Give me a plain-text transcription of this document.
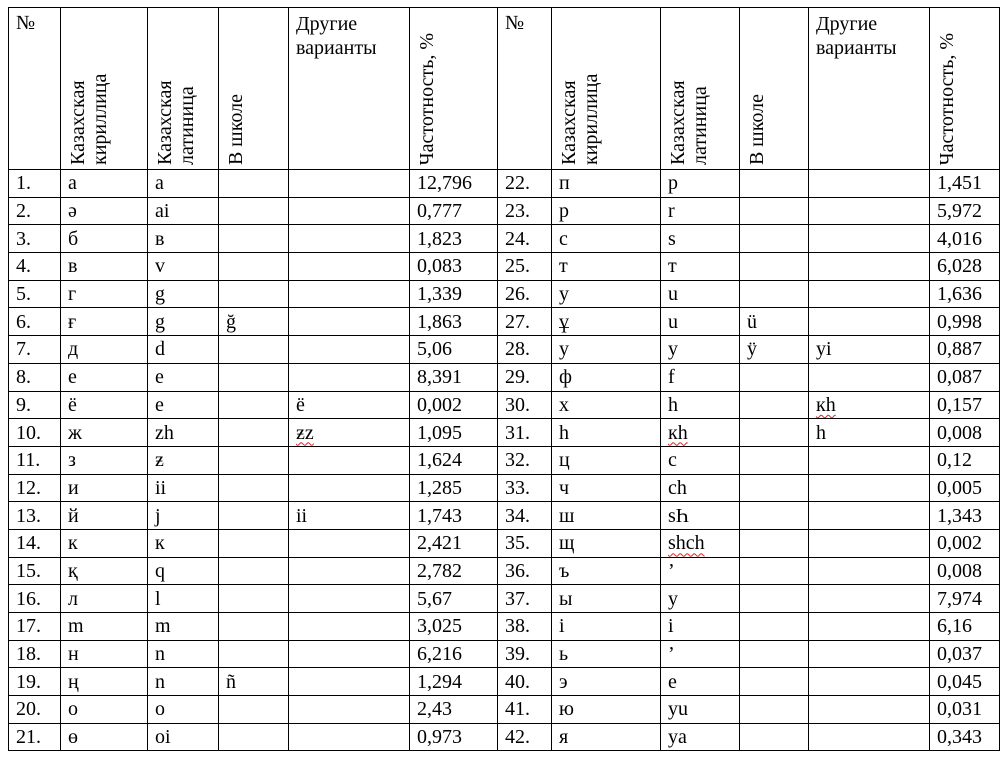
№	Казахская кириллица	Казахская латиница	В школе	Другие варианты	Частотность, %	№	Казахская кириллица	Казахская латиница	В школе	Другие варианты	Частотность, %

1.	а	a			12,796	22.	п	p			1,451
2.	ә	ai			0,777	23.	р	r			5,972
3.	б	в			1,823	24.	с	s			4,016
4.	в	v			0,083	25.	т	т			6,028
5.	г	g			1,339	26.	у	u			1,636
6.	ғ	g	ğ		1,863	27.	ұ	u	ü		0,998
7.	д	d			5,06	28.	у	y	ӱ	yi	0,887
8.	е	e			8,391	29.	ф	f			0,087
9.	ё	e		ё	0,002	30.	х	h		кh	0,157
10.	ж	zh		ƶz	1,095	31.	һ	кh		h	0,008
11.	з	ƶ			1,624	32.	ц	c			0,12
12.	и	ii			1,285	33.	ч	ch			0,005
13.	й	j		ii	1,743	34.	ш	sҺ			1,343
14.	к	к			2,421	35.	щ	shch			0,002
15.	қ	q			2,782	36.	ъ	’			0,008
16.	л	l			5,67	37.	ы	y			7,974
17.	m	m			3,025	38.	і	i			6,16
18.	н	n			6,216	39.	ь	’			0,037
19.	ң	n	ñ		1,294	40.	э	e			0,045
20.	о	o			2,43	41.	ю	yu			0,031
21.	ө	oi			0,973	42.	я	ya			0,343
